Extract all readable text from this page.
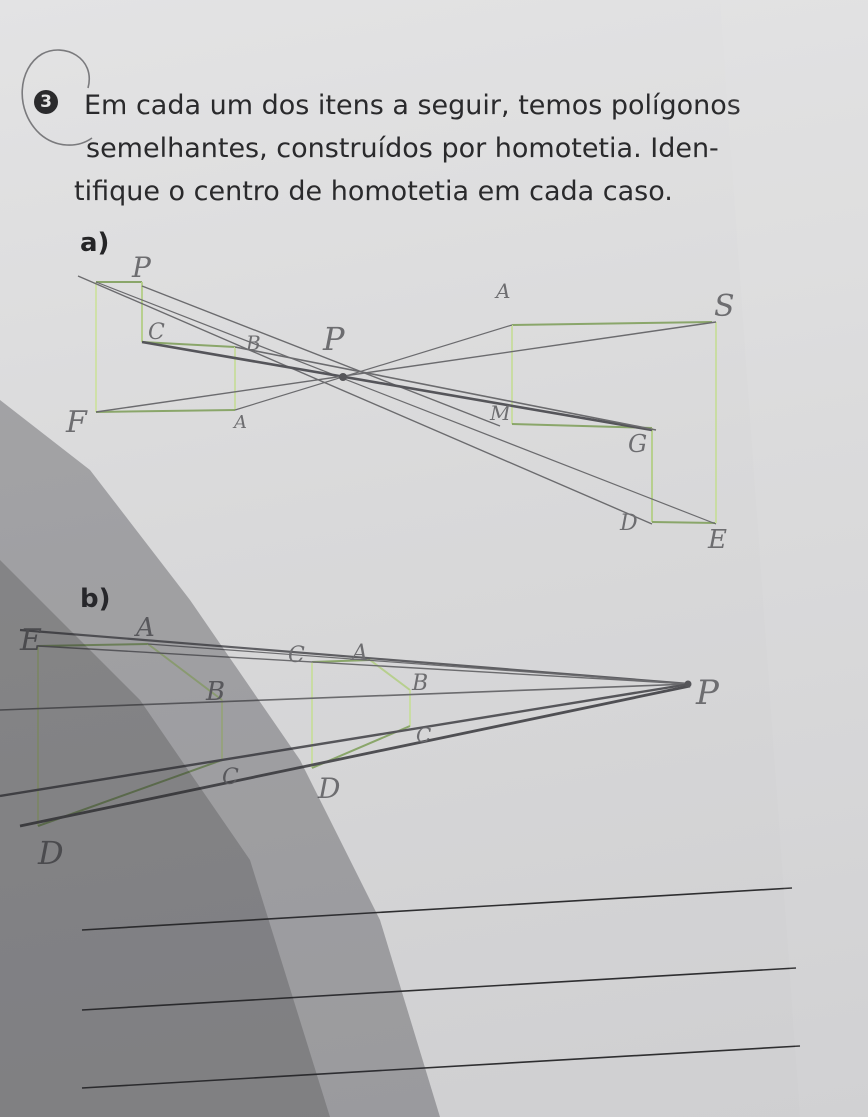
3 Em cada um dos itens a seguir, temos polígonos
semelhantes, construídos por homotetia. Iden-
tifique o centro de homotetia em cada caso.
a)
b)
P
C	B P
F	A
A	S
M
G
D
E
E	A
B
C
C A
B
C
D
P
D
